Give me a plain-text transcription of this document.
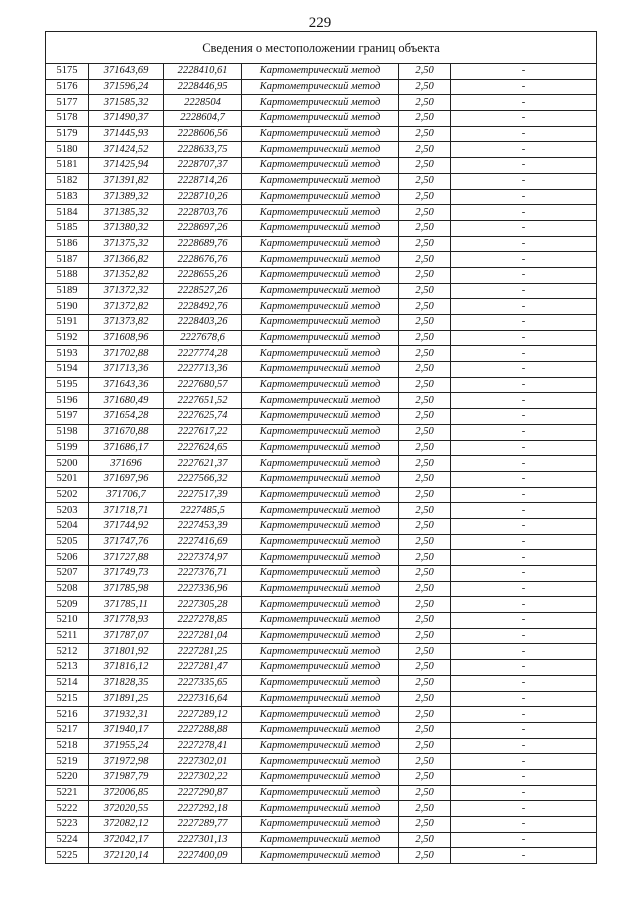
229
Сведения о местоположении границ объекта					
5175	371643,69	2228410,61	Картометрический метод	2,50	-
5176	371596,24	2228446,95	Картометрический метод	2,50	-
5177	371585,32	2228504	Картометрический метод	2,50	-
5178	371490,37	2228604,7	Картометрический метод	2,50	-
5179	371445,93	2228606,56	Картометрический метод	2,50	-
5180	371424,52	2228633,75	Картометрический метод	2,50	-
5181	371425,94	2228707,37	Картометрический метод	2,50	-
5182	371391,82	2228714,26	Картометрический метод	2,50	-
5183	371389,32	2228710,26	Картометрический метод	2,50	-
5184	371385,32	2228703,76	Картометрический метод	2,50	-
5185	371380,32	2228697,26	Картометрический метод	2,50	-
5186	371375,32	2228689,76	Картометрический метод	2,50	-
5187	371366,82	2228676,76	Картометрический метод	2,50	-
5188	371352,82	2228655,26	Картометрический метод	2,50	-
5189	371372,32	2228527,26	Картометрический метод	2,50	-
5190	371372,82	2228492,76	Картометрический метод	2,50	-
5191	371373,82	2228403,26	Картометрический метод	2,50	-
5192	371608,96	2227678,6	Картометрический метод	2,50	-
5193	371702,88	2227774,28	Картометрический метод	2,50	-
5194	371713,36	2227713,36	Картометрический метод	2,50	-
5195	371643,36	2227680,57	Картометрический метод	2,50	-
5196	371680,49	2227651,52	Картометрический метод	2,50	-
5197	371654,28	2227625,74	Картометрический метод	2,50	-
5198	371670,88	2227617,22	Картометрический метод	2,50	-
5199	371686,17	2227624,65	Картометрический метод	2,50	-
5200	371696	2227621,37	Картометрический метод	2,50	-
5201	371697,96	2227566,32	Картометрический метод	2,50	-
5202	371706,7	2227517,39	Картометрический метод	2,50	-
5203	371718,71	2227485,5	Картометрический метод	2,50	-
5204	371744,92	2227453,39	Картометрический метод	2,50	-
5205	371747,76	2227416,69	Картометрический метод	2,50	-
5206	371727,88	2227374,97	Картометрический метод	2,50	-
5207	371749,73	2227376,71	Картометрический метод	2,50	-
5208	371785,98	2227336,96	Картометрический метод	2,50	-
5209	371785,11	2227305,28	Картометрический метод	2,50	-
5210	371778,93	2227278,85	Картометрический метод	2,50	-
5211	371787,07	2227281,04	Картометрический метод	2,50	-
5212	371801,92	2227281,25	Картометрический метод	2,50	-
5213	371816,12	2227281,47	Картометрический метод	2,50	-
5214	371828,35	2227335,65	Картометрический метод	2,50	-
5215	371891,25	2227316,64	Картометрический метод	2,50	-
5216	371932,31	2227289,12	Картометрический метод	2,50	-
5217	371940,17	2227288,88	Картометрический метод	2,50	-
5218	371955,24	2227278,41	Картометрический метод	2,50	-
5219	371972,98	2227302,01	Картометрический метод	2,50	-
5220	371987,79	2227302,22	Картометрический метод	2,50	-
5221	372006,85	2227290,87	Картометрический метод	2,50	-
5222	372020,55	2227292,18	Картометрический метод	2,50	-
5223	372082,12	2227289,77	Картометрический метод	2,50	-
5224	372042,17	2227301,13	Картометрический метод	2,50	-
5225	372120,14	2227400,09	Картометрический метод	2,50	-
